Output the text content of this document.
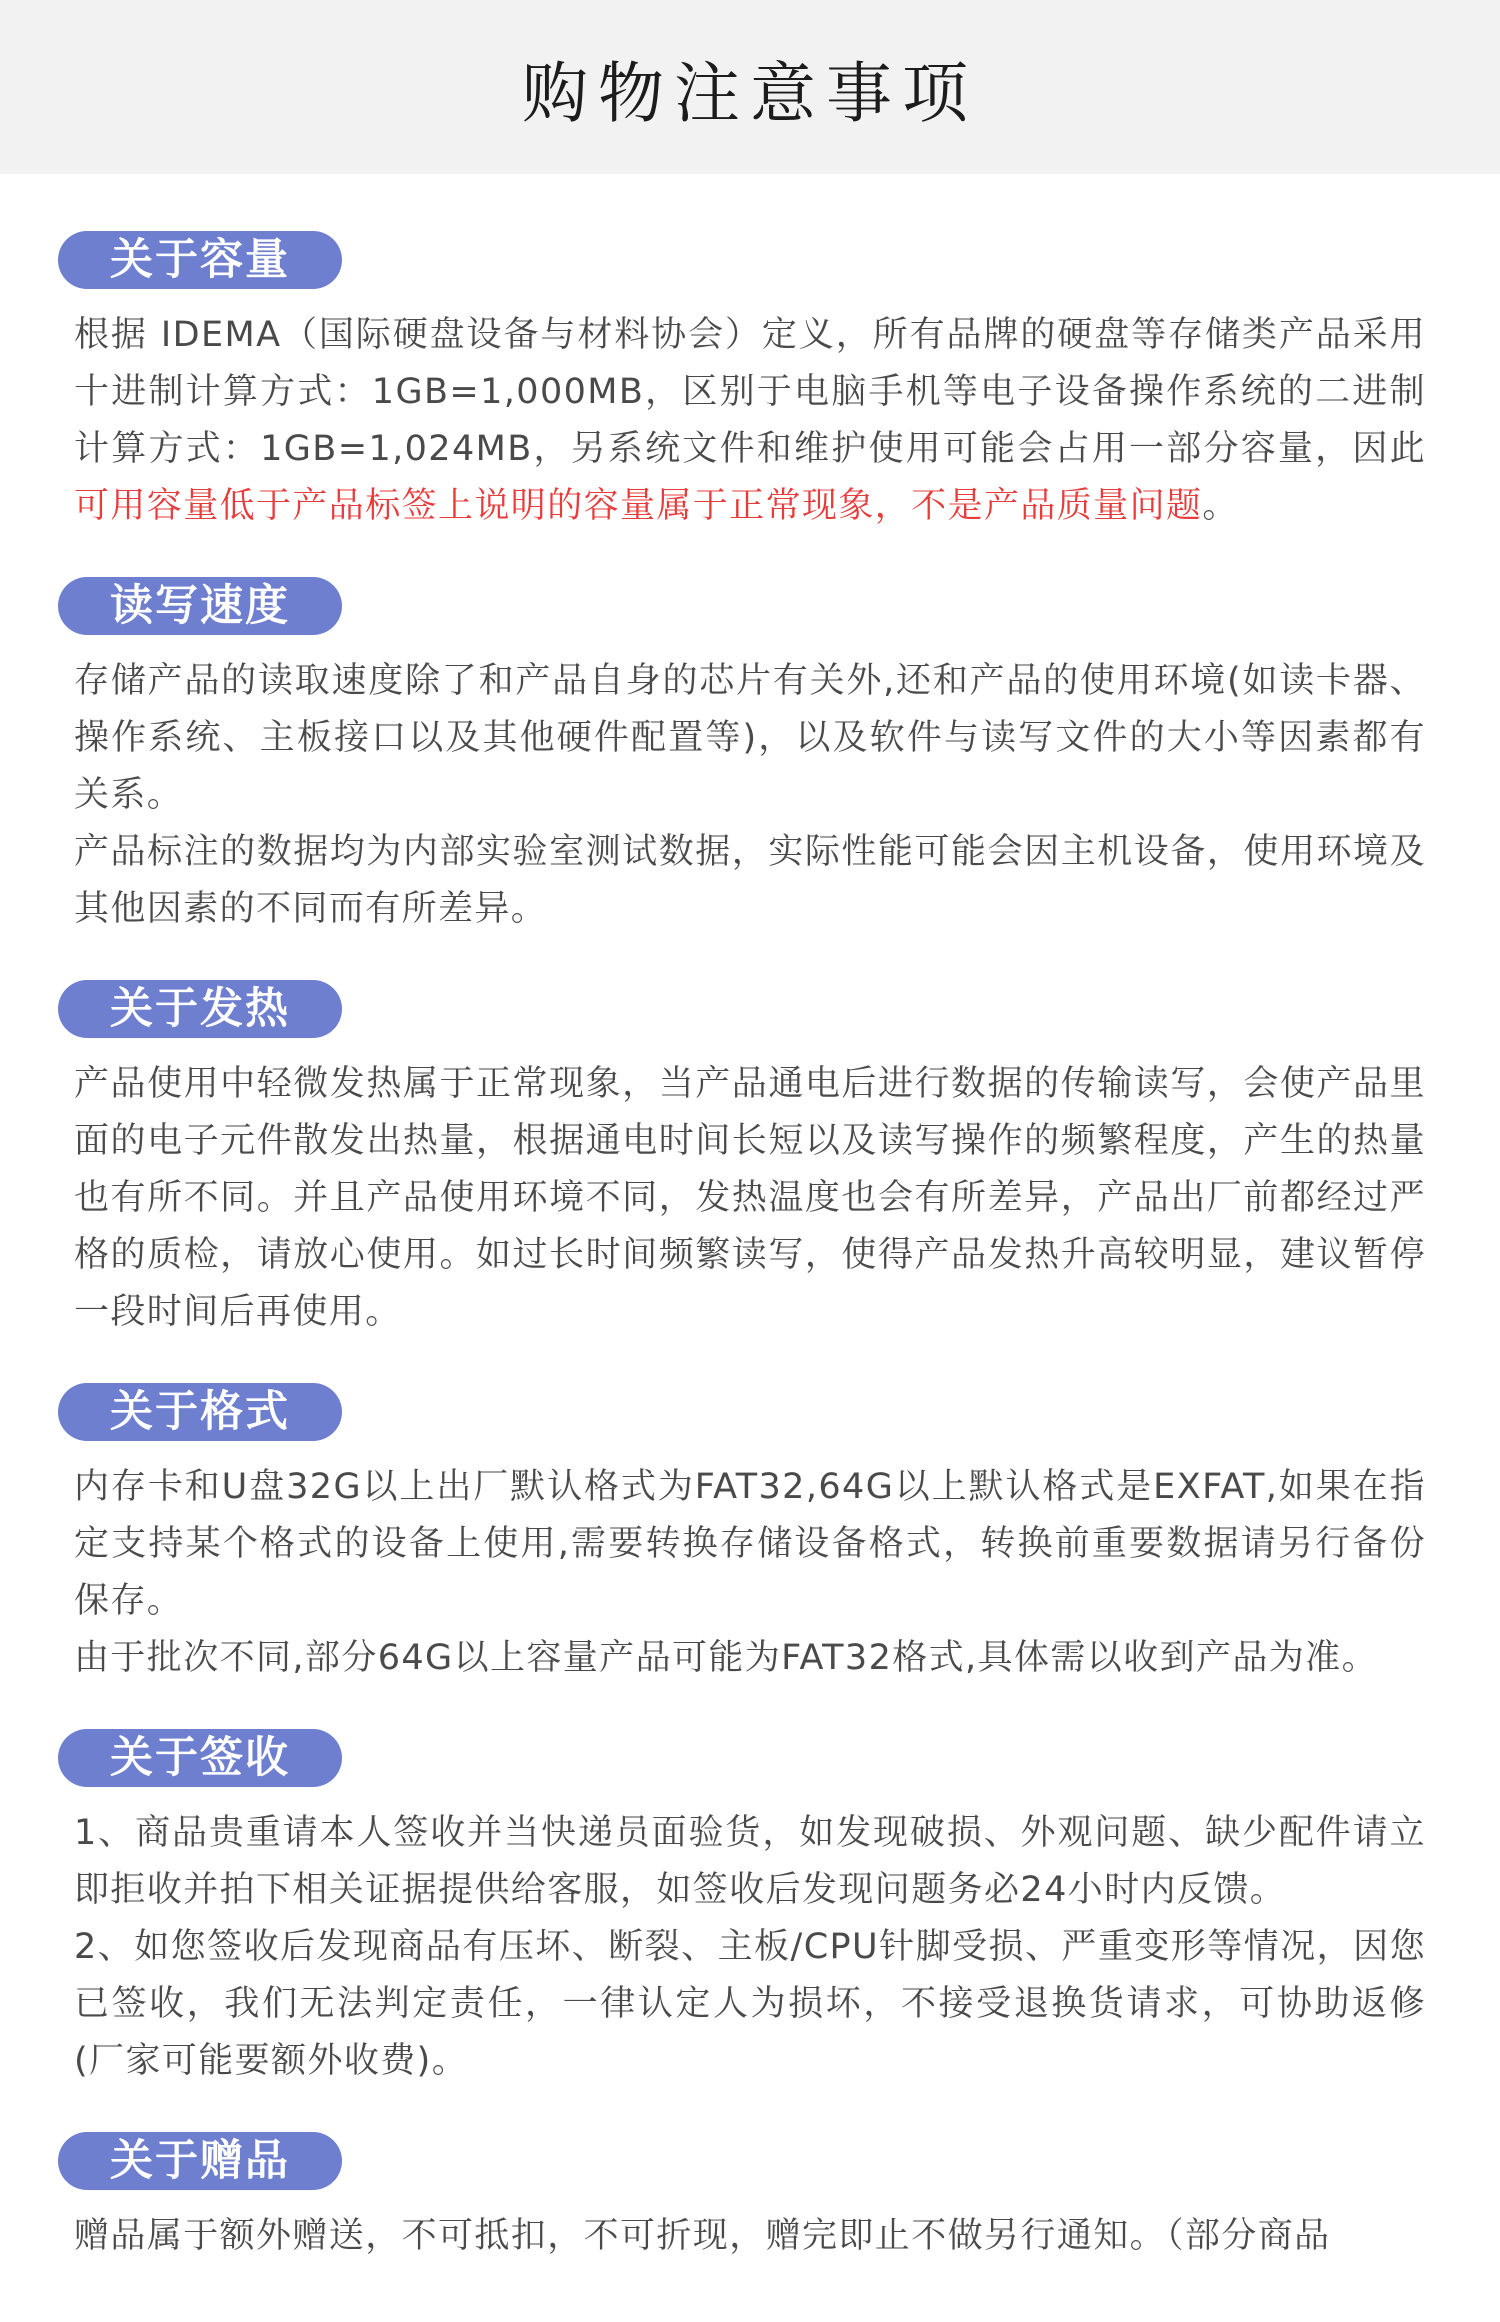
购物注意事项
关于容量

根据 IDEMA（国际硬盘设备与材料协会）定义，所有品牌的硬盘等存储类产品采用十进制计算方式：1GB=1,000MB，区别于电脑手机等电子设备操作系统的二进制计算方式：1GB=1,024MB，另系统文件和维护使用可能会占用一部分容量，因此可用容量低于产品标签上说明的容量属于正常现象，不是产品质量问题。

读写速度

存储产品的读取速度除了和产品自身的芯片有关外,还和产品的使用环境(如读卡器、操作系统、主板接口以及其他硬件配置等)，以及软件与读写文件的大小等因素都有关系。

产品标注的数据均为内部实验室测试数据，实际性能可能会因主机设备，使用环境及其他因素的不同而有所差异。

关于发热

产品使用中轻微发热属于正常现象，当产品通电后进行数据的传输读写，会使产品里面的电子元件散发出热量，根据通电时间长短以及读写操作的频繁程度，产生的热量也有所不同。并且产品使用环境不同，发热温度也会有所差异，产品出厂前都经过严格的质检，请放心使用。如过长时间频繁读写，使得产品发热升高较明显，建议暂停一段时间后再使用。

关于格式

内存卡和U盘32G以上出厂默认格式为FAT32,64G以上默认格式是EXFAT,如果在指定支持某个格式的设备上使用,需要转换存储设备格式，转换前重要数据请另行备份保存。

由于批次不同,部分64G以上容量产品可能为FAT32格式,具体需以收到产品为准。

关于签收

1、商品贵重请本人签收并当快递员面验货，如发现破损、外观问题、缺少配件请立即拒收并拍下相关证据提供给客服，如签收后发现问题务必24小时内反馈。

2、如您签收后发现商品有压坏、断裂、主板/CPU针脚受损、严重变形等情况，因您已签收，我们无法判定责任，一律认定人为损坏，不接受退换货请求，可协助返修(厂家可能要额外收费)。

关于赠品

赠品属于额外赠送，不可抵扣，不可折现，赠完即止不做另行通知。（部分商品
